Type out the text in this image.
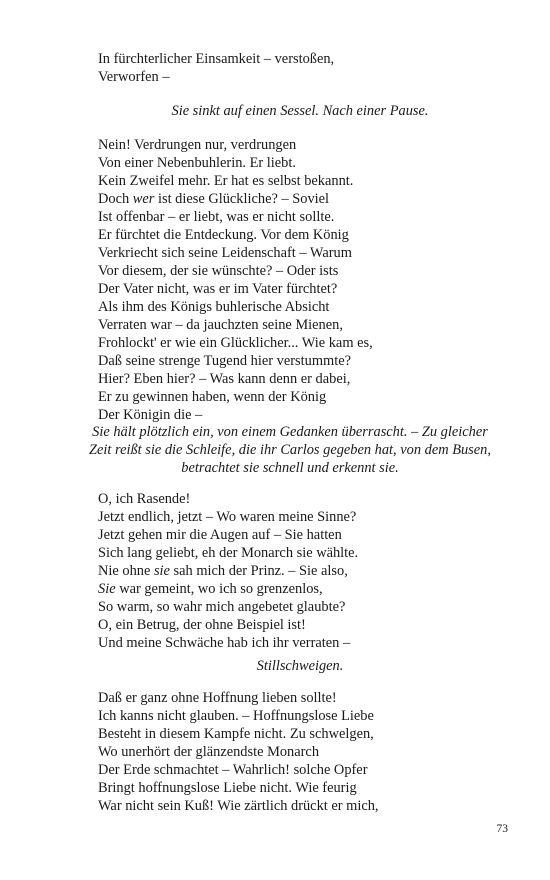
In fürchterlicher Einsamkeit – verstoßen,
Verworfen –
Sie sinkt auf einen Sessel. Nach einer Pause.
Nein! Verdrungen nur, verdrungen
Von einer Nebenbuhlerin. Er liebt.
Kein Zweifel mehr. Er hat es selbst bekannt.
Doch wer ist diese Glückliche? – Soviel
Ist offenbar – er liebt, was er nicht sollte.
Er fürchtet die Entdeckung. Vor dem König
Verkriecht sich seine Leidenschaft – Warum
Vor diesem, der sie wünschte? – Oder ists
Der Vater nicht, was er im Vater fürchtet?
Als ihm des Königs buhlerische Absicht
Verraten war – da jauchzten seine Mienen,
Frohlockt' er wie ein Glücklicher... Wie kam es,
Daß seine strenge Tugend hier verstummte?
Hier? Eben hier? – Was kann denn er dabei,
Er zu gewinnen haben, wenn der König
Der Königin die –
Sie hält plötzlich ein, von einem Gedanken überrascht. – Zu gleicher
Zeit reißt sie die Schleife, die ihr Carlos gegeben hat, von dem Busen,
betrachtet sie schnell und erkennt sie.
O, ich Rasende!
Jetzt endlich, jetzt – Wo waren meine Sinne?
Jetzt gehen mir die Augen auf – Sie hatten
Sich lang geliebt, eh der Monarch sie wählte.
Nie ohne sie sah mich der Prinz. – Sie also,
Sie war gemeint, wo ich so grenzenlos,
So warm, so wahr mich angebetet glaubte?
O, ein Betrug, der ohne Beispiel ist!
Und meine Schwäche hab ich ihr verraten –
Stillschweigen.
Daß er ganz ohne Hoffnung lieben sollte!
Ich kanns nicht glauben. – Hoffnungslose Liebe
Besteht in diesem Kampfe nicht. Zu schwelgen,
Wo unerhört der glänzendste Monarch
Der Erde schmachtet – Wahrlich! solche Opfer
Bringt hoffnungslose Liebe nicht. Wie feurig
War nicht sein Kuß! Wie zärtlich drückt er mich,
73
